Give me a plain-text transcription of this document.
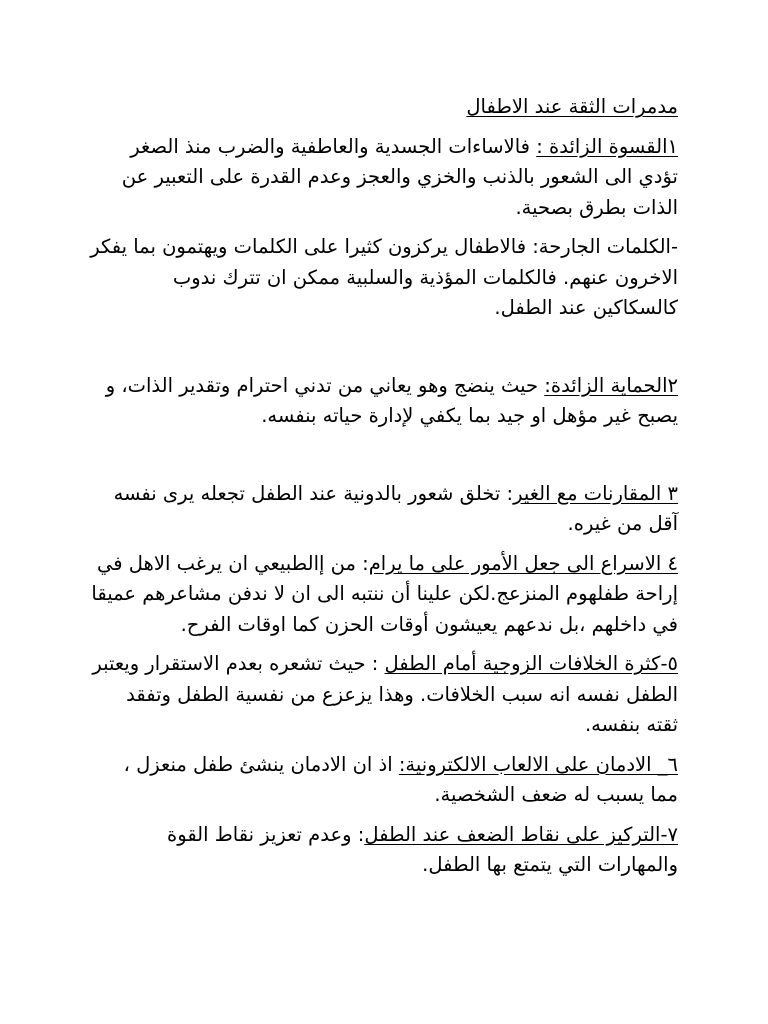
مدمرات الثقة عند الاطفال

١القسوة الزائدة : فالاساءات الجسدية والعاطفية والضرب منذ الصغر تؤدي الى الشعور بالذنب والخزي والعجز وعدم القدرة على التعبير عن الذات بطرق بصحية.

-الكلمات الجارحة: فالاطفال يركزون كثيرا على الكلمات ويهتمون بما يفكر الاخرون عنهم. فالكلمات المؤذية والسلبية ممكن ان تترك ندوب كالسكاكين عند الطفل.

٢الحماية الزائدة: حيث ينضج وهو يعاني من تدني احترام وتقدير الذات، و يصبح غير مؤهل او جيد بما يكفي لإدارة حياته بنفسه.

٣ المقارنات مع الغير: تخلق شعور بالدونية عند الطفل تجعله يرى نفسه آقل من غيره.

٤ الاسراع الى جعل الأمور على ما يرام: من إالطبيعي ان يرغب الاهل في إراحة طفلهوم المنزعج.لكن علينا أن ننتبه الى ان لا ندفن مشاعرهم عميقا في داخلهم ،بل ندعهم يعيشون أوقات الحزن كما اوقات الفرح.

٥-كثرة الخلافات الزوجية أمام الطفل : حيث تشعره بعدم الاستقرار ويعتبر الطفل نفسه انه سبب الخلافات. وهذا يزعزع من نفسية الطفل وتفقد ثقته بنفسه.

٦_ الادمان على الالعاب الالكترونية: اذ ان الادمان ينشئ طفل منعزل ، مما يسبب له ضعف الشخصية.

٧-التركيز على نقاط الضعف عند الطفل: وعدم تعزيز نقاط القوة والمهارات التي يتمتع بها الطفل.
